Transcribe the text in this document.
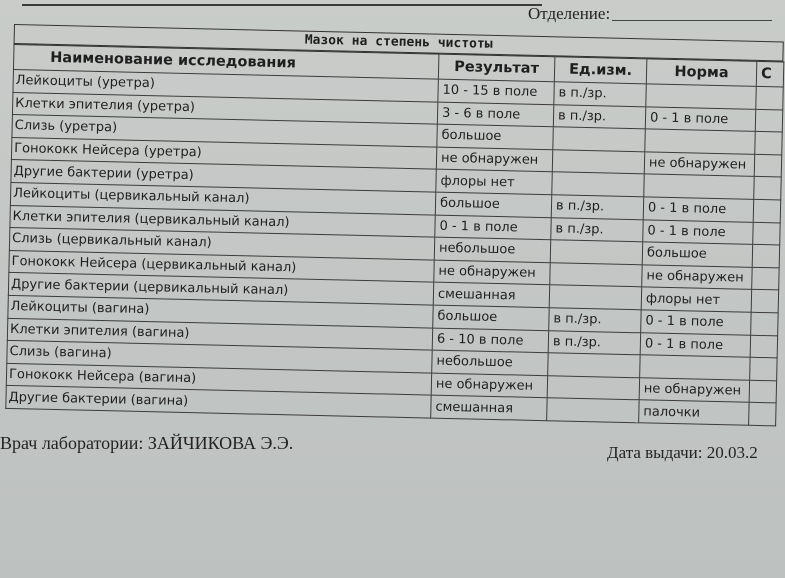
Отделение:
Мазок на степень чистоты
Наименование исследования	Результат	Ед.изм.	Норма	С
Лейкоциты (уретра)	10 - 15 в поле	в п./зр.		
Клетки эпителия (уретра)	3 - 6 в поле	в п./зр.	0 - 1 в поле	
Слизь (уретра)	большое			
Гонококк Нейсера (уретра)	не обнаружен		не обнаружен	
Другие бактерии (уретра)	флоры нет			
Лейкоциты (цервикальный канал)	большое	в п./зр.	0 - 1 в поле	
Клетки эпителия (цервикальный канал)	0 - 1 в поле	в п./зр.	0 - 1 в поле	
Слизь (цервикальный канал)	небольшое		большое	
Гонококк Нейсера (цервикальный канал)	не обнаружен		не обнаружен	
Другие бактерии (цервикальный канал)	смешанная		флоры нет	
Лейкоциты (вагина)	большое	в п./зр.	0 - 1 в поле	
Клетки эпителия (вагина)	6 - 10 в поле	в п./зр.	0 - 1 в поле	
Слизь (вагина)	небольшое			
Гонококк Нейсера (вагина)	не обнаружен		не обнаружен	
Другие бактерии (вагина)	смешанная		палочки	
Врач лаборатории: ЗАЙЧИКОВА Э.Э.	Дата выдачи: 20.03.2
